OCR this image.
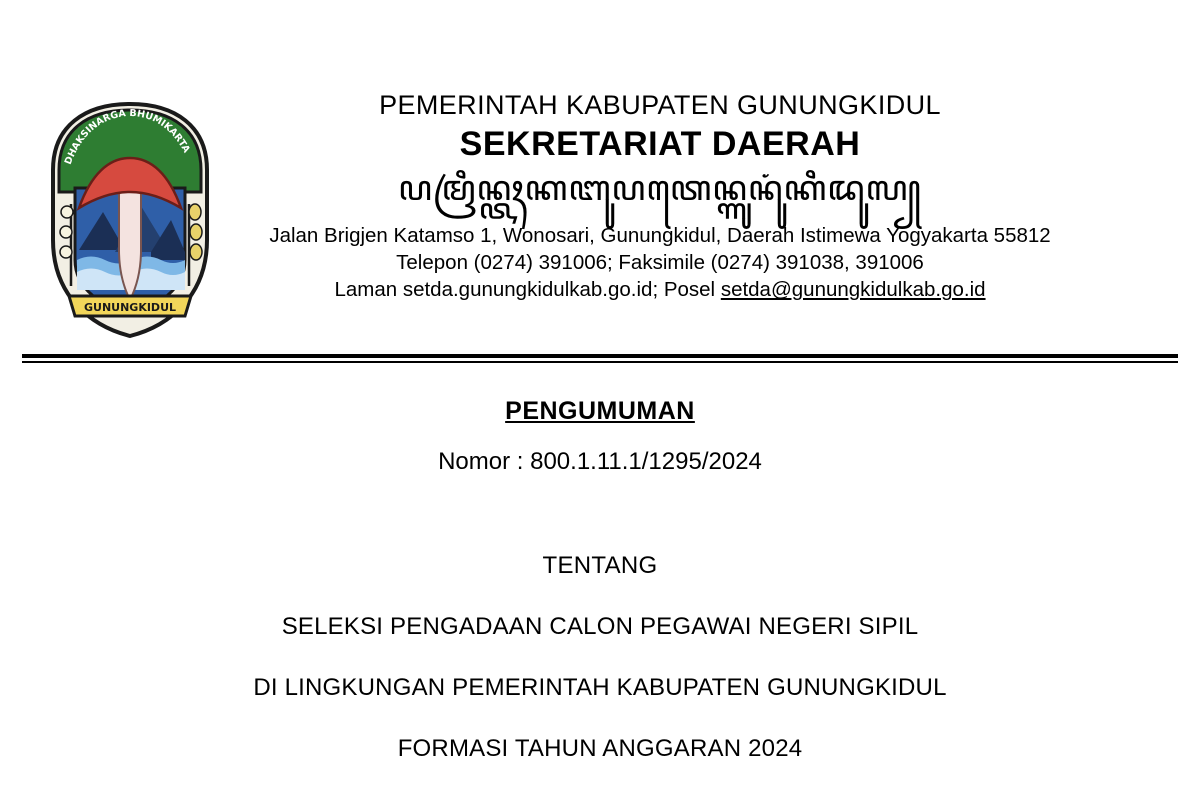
DHAKSINARGA BHUMIKARTA
GUNUNGKIDUL
PEMERINTAH KABUPATEN GUNUNGKIDUL
SEKRETARIAT DAERAH
ꦥꦩꦿꦶꦤ꧀ꦠꦃꦏꦧꦸꦥꦠꦺꦤ꧀ꦒꦸꦤꦸꦁꦏꦶꦢꦸꦭ꧀
Jalan Brigjen Katamso 1, Wonosari, Gunungkidul, Daerah Istimewa Yogyakarta 55812
Telepon (0274) 391006; Faksimile (0274) 391038, 391006
Laman setda.gunungkidulkab.go.id; Posel setda@gunungkidulkab.go.id
PENGUMUMAN
Nomor : 800.1.11.1/1295/2024
TENTANG
SELEKSI PENGADAAN CALON PEGAWAI NEGERI SIPIL
DI LINGKUNGAN PEMERINTAH KABUPATEN GUNUNGKIDUL
FORMASI TAHUN ANGGARAN 2024
